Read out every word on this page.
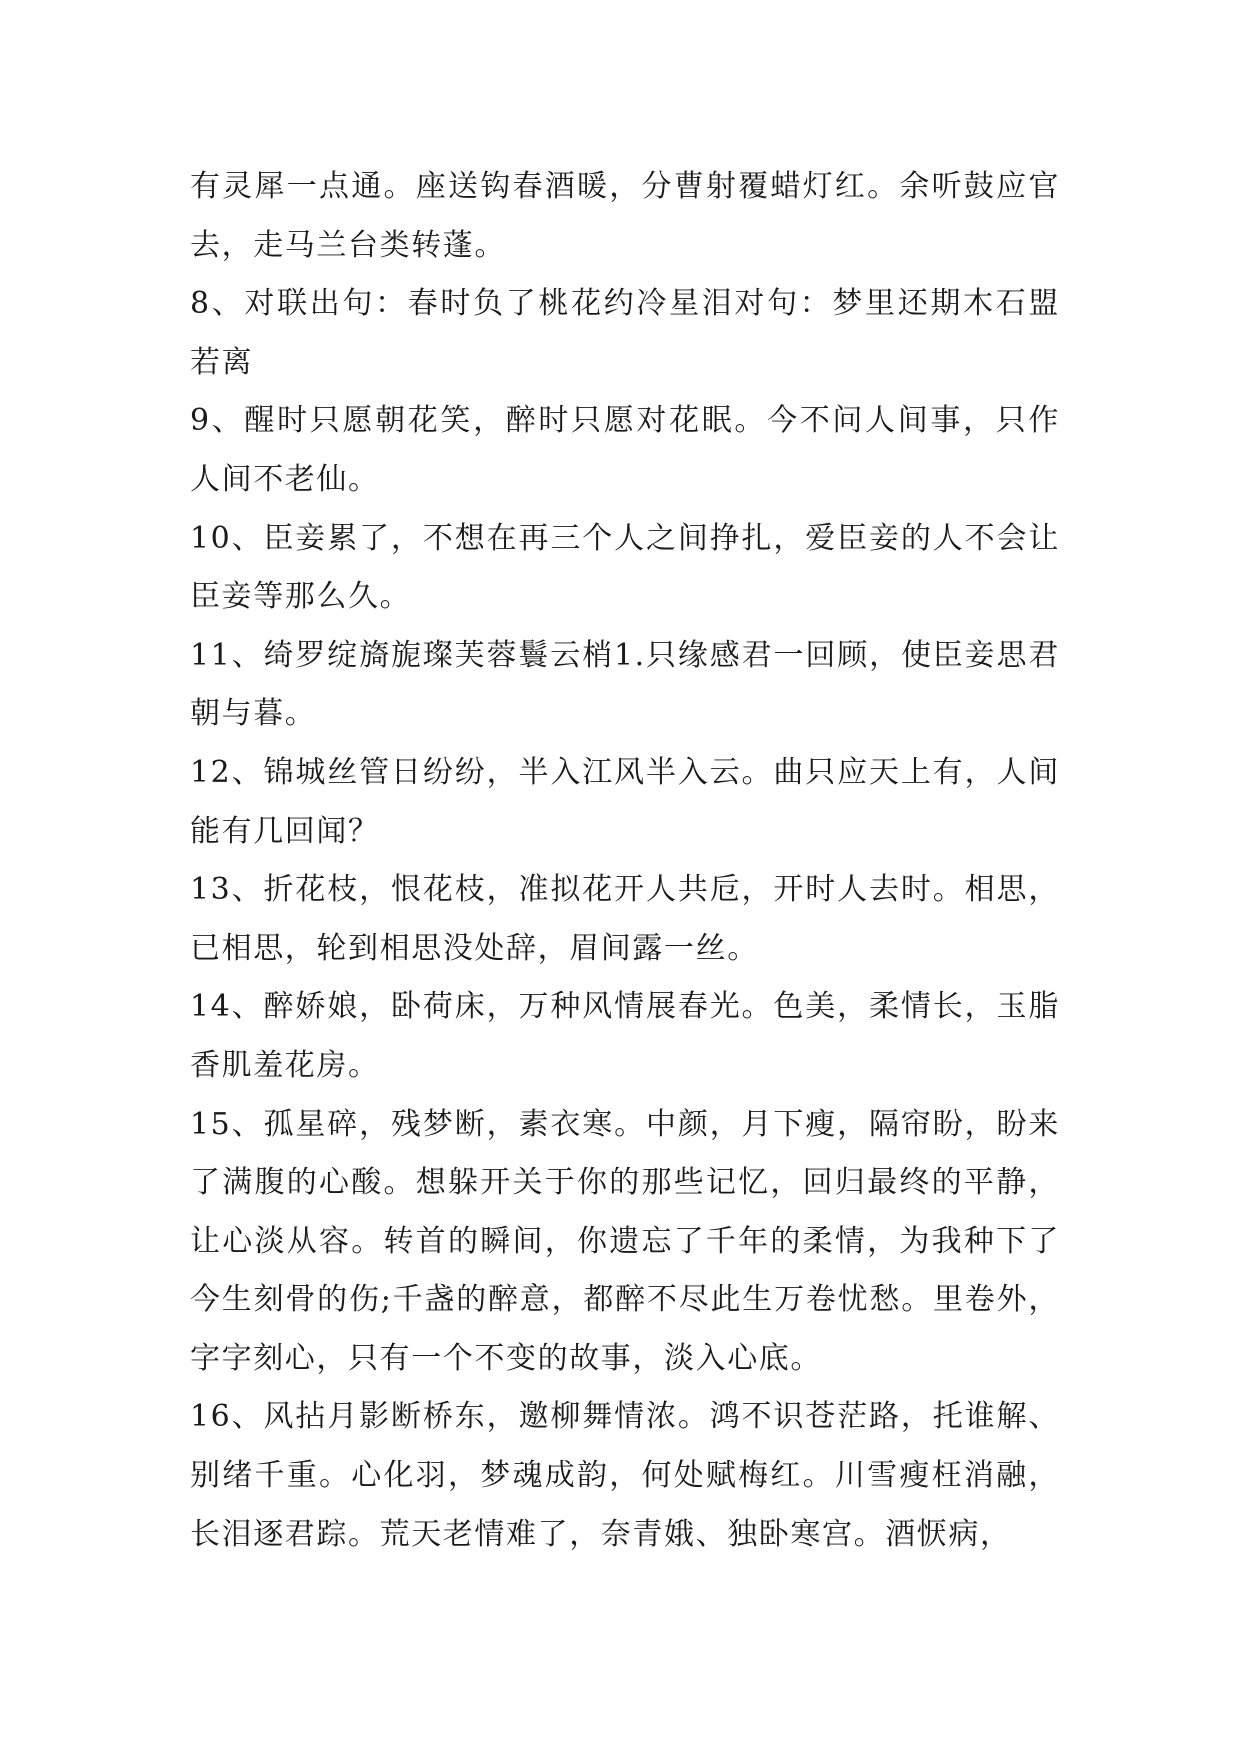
有灵犀一点通。座送钩春酒暖，分曹射覆蜡灯红。余听鼓应官去，走马兰台类转蓬。

8、对联出句：春时负了桃花约冷星泪对句：梦里还期木石盟若离

9、醒时只愿朝花笑，醉时只愿对花眠。今不问人间事，只作人间不老仙。

10、臣妾累了，不想在再三个人之间挣扎，爱臣妾的人不会让臣妾等那么久。

11、绮罗绽旖旎璨芙蓉鬟云梢1.只缘感君一回顾，使臣妾思君朝与暮。

12、锦城丝管日纷纷，半入江风半入云。曲只应天上有，人间能有几回闻？

13、折花枝，恨花枝，准拟花开人共卮，开时人去时。相思，已相思，轮到相思没处辞，眉间露一丝。

14、醉娇娘，卧荷床，万种风情展春光。色美，柔情长，玉脂香肌羞花房。

15、孤星碎，残梦断，素衣寒。中颜，月下瘦，隔帘盼，盼来了满腹的心酸。想躲开关于你的那些记忆，回归最终的平静，让心淡从容。转首的瞬间，你遗忘了千年的柔情，为我种下了今生刻骨的伤;千盏的醉意，都醉不尽此生万卷忧愁。里卷外，字字刻心，只有一个不变的故事，淡入心底。

16、风拈月影断桥东，邀柳舞情浓。鸿不识苍茫路，托谁解、别绪千重。心化羽，梦魂成韵，何处赋梅红。川雪瘦枉消融，长泪逐君踪。荒天老情难了，奈青娥、独卧寒宫。酒恹病，
